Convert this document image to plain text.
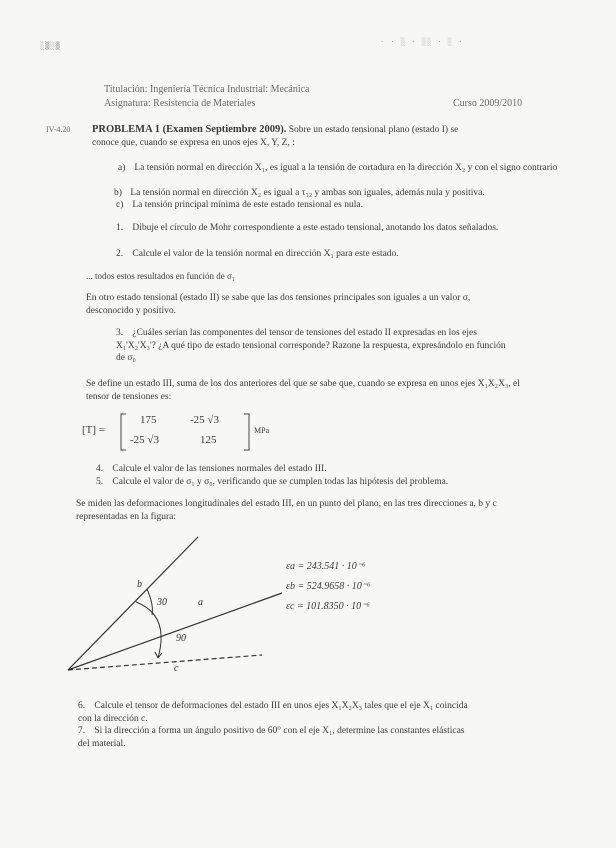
░▒░▒	· · ░ · ░░ · ░ ·
Titulación: Ingeniería Técnica Industrial: Mecánica
Asignatura: Resistencia de Materiales	Curso 2009/2010
IV-4.20 PROBLEMA 1 (Examen Septiembre 2009). Sobre un estado tensional plano (estado I) se
conoce que, cuando se expresa en unos ejes X, Y, Z, :
a) La tensión normal en dirección X₁, es igual a la tensión de cortadura en la dirección X₂ y con el signo contrario
b) La tensión normal en dirección X₂ es igual a τ₁₂ y ambas son iguales, además nula y positiva.
c) La tensión principal mínima de este estado tensional es nula.
1. Dibuje el círculo de Mohr correspondiente a este estado tensional, anotando los datos señalados.
2. Calcule el valor de la tensión normal en dirección X₁ para este estado.
... todos estos resultados en función de σ₁
En otro estado tensional (estado II) se sabe que las dos tensiones principales son iguales a un valor σ, desconocido y positivo.
3. ¿Cuáles serían las componentes del tensor de tensiones del estado II expresadas en los ejes X₁'X₂'X₃'? ¿A qué tipo de estado tensional corresponde? Razone la respuesta, expresándolo en función de σ₀
Se define un estado III, suma de los dos anteriores del que se sabe que, cuando se expresa en unos ejes X₁X₂X₃, el tensor de tensiones es:
[T] =
175	-25 √3
-25 √3	125
MPa
4. Calcule el valor de las tensiones normales del estado III.
5. Calcule el valor de σ₁ y σ₀, verificando que se cumplen todas las hipótesis del problema.
Se miden las deformaciones longitudinales del estado III, en un punto del plano, en las tres direcciones a, b y c representadas en la figura:
b
a
c
30
90
εa = 243.541 · 10⁻⁶
εb = 524.9658 · 10⁻⁶
εc = 101.8350 · 10⁻⁶
6. Calcule el tensor de deformaciones del estado III en unos ejes X₁X₂X₃ tales que el eje X₁ coincida con la dirección c.
7. Si la dirección a forma un ángulo positivo de 60° con el eje X₁, determine las constantes elásticas del material.
